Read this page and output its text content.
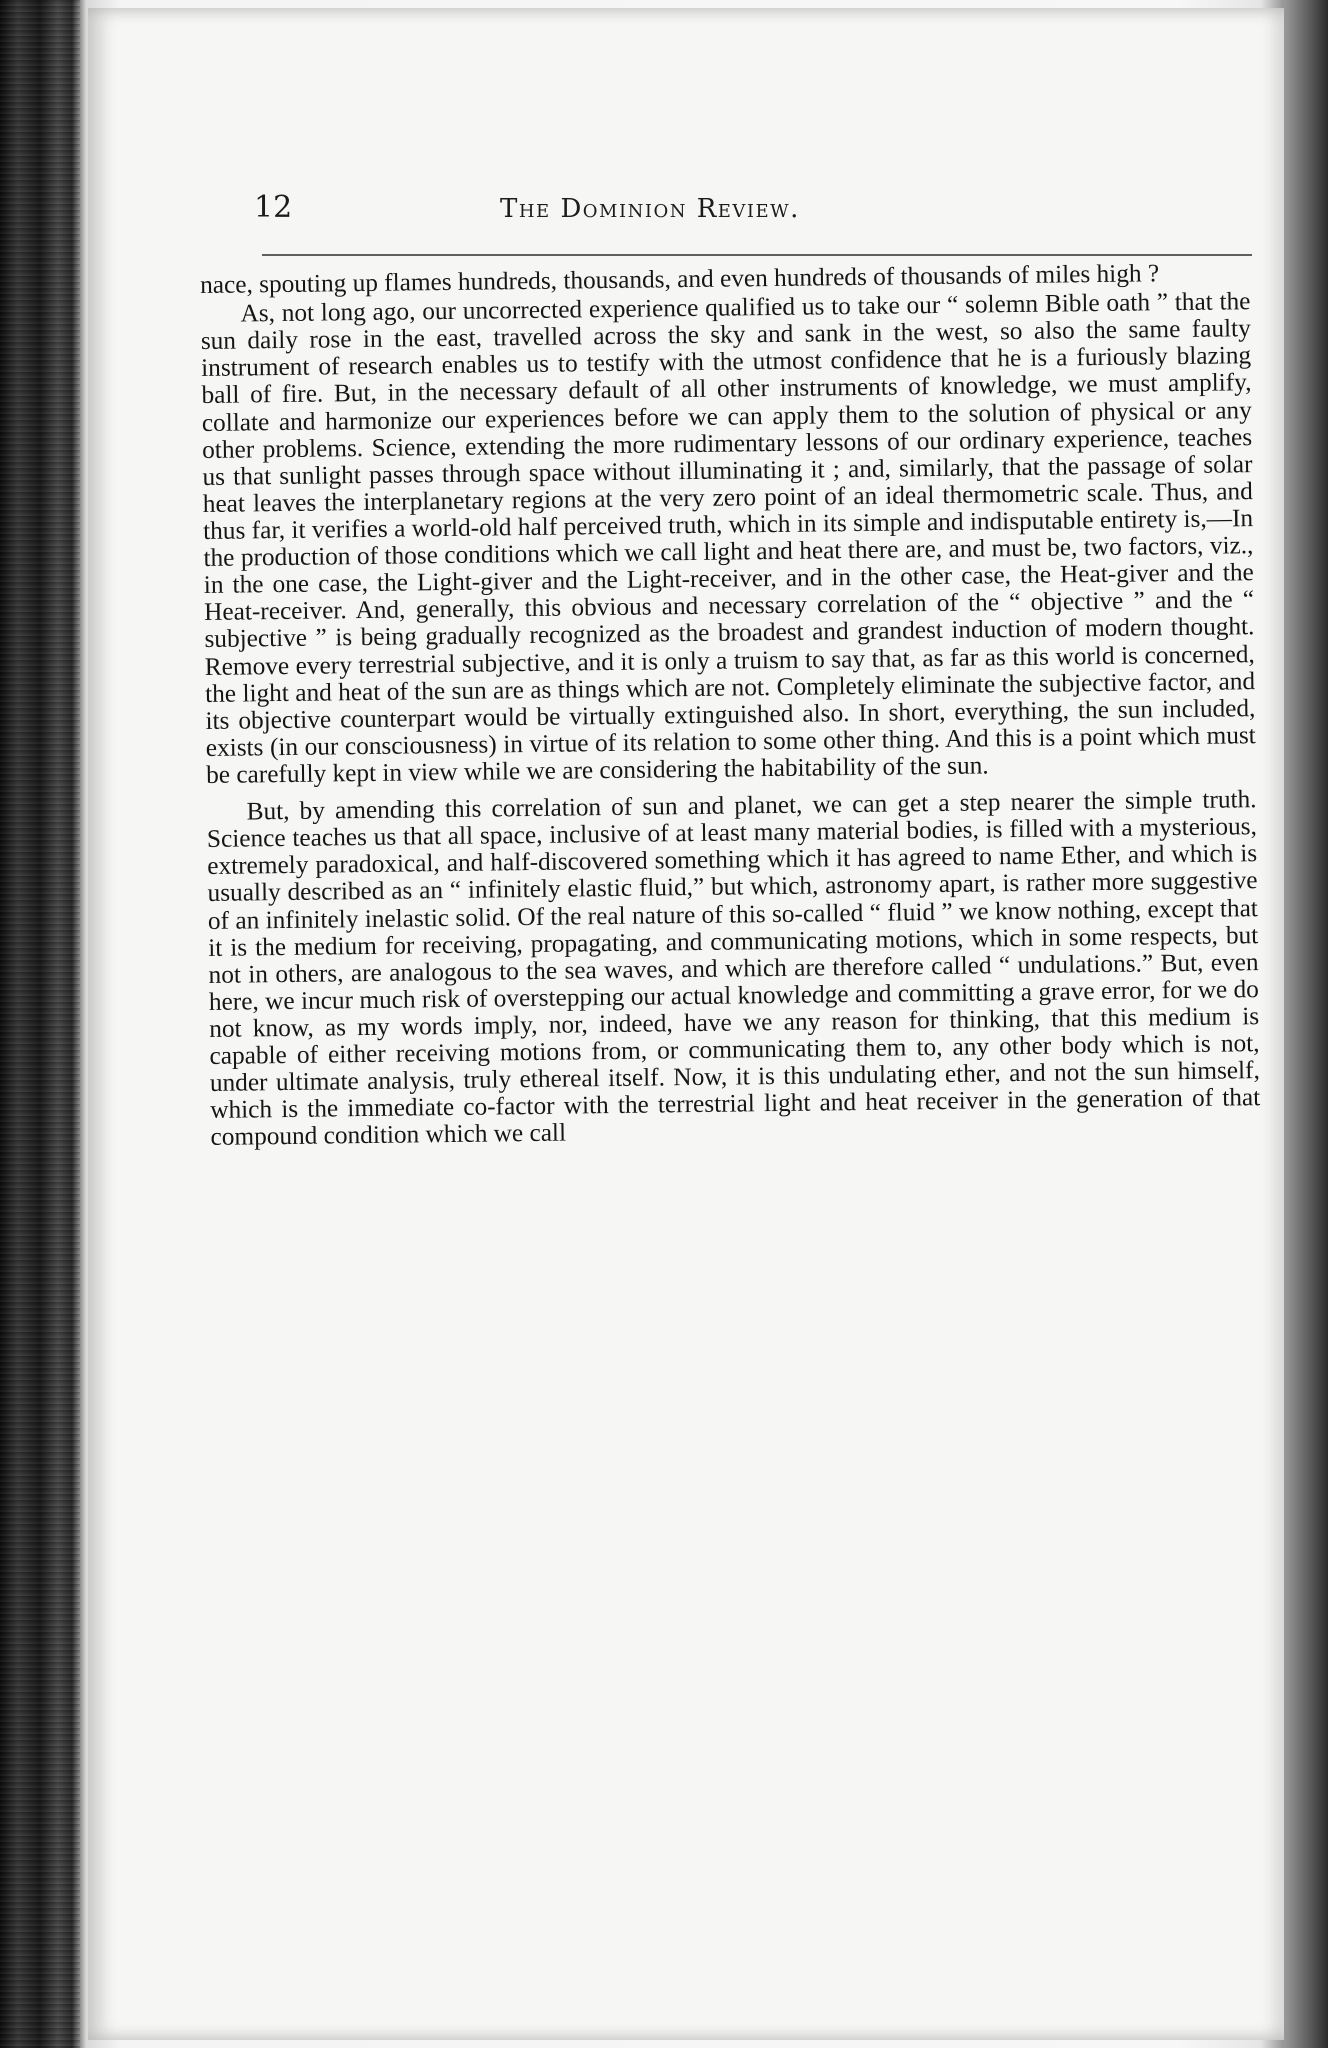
12	The Dominion Review.

nace, spouting up flames hundreds, thousands, and even hundreds of thousands of miles high ?

As, not long ago, our uncorrected experience qualified us to take our “ solemn Bible oath ” that the sun daily rose in the east, travelled across the sky and sank in the west, so also the same faulty instrument of research enables us to testify with the utmost confidence that he is a furiously blazing ball of fire. But, in the necessary default of all other instruments of knowledge, we must amplify, collate and harmonize our experiences before we can apply them to the solution of physical or any other problems. Science, extending the more rudimentary lessons of our ordinary experience, teaches us that sunlight passes through space without illuminating it ; and, similarly, that the passage of solar heat leaves the interplanetary regions at the very zero point of an ideal thermometric scale. Thus, and thus far, it verifies a world-old half perceived truth, which in its simple and indisputable entirety is,—In the production of those conditions which we call light and heat there are, and must be, two factors, viz., in the one case, the Light-giver and the Light-receiver, and in the other case, the Heat-giver and the Heat-receiver. And, generally, this obvious and necessary correlation of the “ objective ” and the “ subjective ” is being gradually recognized as the broadest and grandest induction of modern thought. Remove every terrestrial subjective, and it is only a truism to say that, as far as this world is concerned, the light and heat of the sun are as things which are not. Completely eliminate the subjective factor, and its objective counterpart would be virtually extinguished also. In short, everything, the sun included, exists (in our consciousness) in virtue of its relation to some other thing. And this is a point which must be carefully kept in view while we are considering the habitability of the sun.

But, by amending this correlation of sun and planet, we can get a step nearer the simple truth. Science teaches us that all space, inclusive of at least many material bodies, is filled with a mysterious, extremely paradoxical, and half-discovered something which it has agreed to name Ether, and which is usually described as an “ infinitely elastic fluid,” but which, astronomy apart, is rather more suggestive of an infinitely inelastic solid. Of the real nature of this so-called “ fluid ” we know nothing, except that it is the medium for receiving, propagating, and communicating motions, which in some respects, but not in others, are analogous to the sea waves, and which are therefore called “ undulations.” But, even here, we incur much risk of overstepping our actual knowledge and committing a grave error, for we do not know, as my words imply, nor, indeed, have we any reason for thinking, that this medium is capable of either receiving motions from, or communicating them to, any other body which is not, under ultimate analysis, truly ethereal itself. Now, it is this undulating ether, and not the sun himself, which is the immediate co-factor with the terrestrial light and heat receiver in the generation of that compound condition which we call
